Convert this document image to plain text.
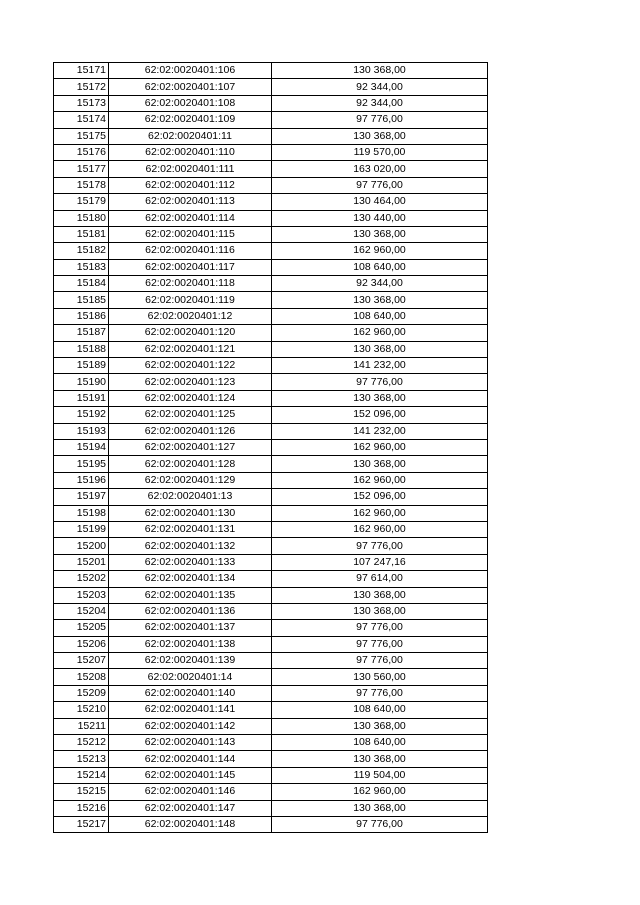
15171	62:02:0020401:106	130 368,00
15172	62:02:0020401:107	92 344,00
15173	62:02:0020401:108	92 344,00
15174	62:02:0020401:109	97 776,00
15175	62:02:0020401:11	130 368,00
15176	62:02:0020401:110	119 570,00
15177	62:02:0020401:111	163 020,00
15178	62:02:0020401:112	97 776,00
15179	62:02:0020401:113	130 464,00
15180	62:02:0020401:114	130 440,00
15181	62:02:0020401:115	130 368,00
15182	62:02:0020401:116	162 960,00
15183	62:02:0020401:117	108 640,00
15184	62:02:0020401:118	92 344,00
15185	62:02:0020401:119	130 368,00
15186	62:02:0020401:12	108 640,00
15187	62:02:0020401:120	162 960,00
15188	62:02:0020401:121	130 368,00
15189	62:02:0020401:122	141 232,00
15190	62:02:0020401:123	97 776,00
15191	62:02:0020401:124	130 368,00
15192	62:02:0020401:125	152 096,00
15193	62:02:0020401:126	141 232,00
15194	62:02:0020401:127	162 960,00
15195	62:02:0020401:128	130 368,00
15196	62:02:0020401:129	162 960,00
15197	62:02:0020401:13	152 096,00
15198	62:02:0020401:130	162 960,00
15199	62:02:0020401:131	162 960,00
15200	62:02:0020401:132	97 776,00
15201	62:02:0020401:133	107 247,16
15202	62:02:0020401:134	97 614,00
15203	62:02:0020401:135	130 368,00
15204	62:02:0020401:136	130 368,00
15205	62:02:0020401:137	97 776,00
15206	62:02:0020401:138	97 776,00
15207	62:02:0020401:139	97 776,00
15208	62:02:0020401:14	130 560,00
15209	62:02:0020401:140	97 776,00
15210	62:02:0020401:141	108 640,00
15211	62:02:0020401:142	130 368,00
15212	62:02:0020401:143	108 640,00
15213	62:02:0020401:144	130 368,00
15214	62:02:0020401:145	119 504,00
15215	62:02:0020401:146	162 960,00
15216	62:02:0020401:147	130 368,00
15217	62:02:0020401:148	97 776,00
